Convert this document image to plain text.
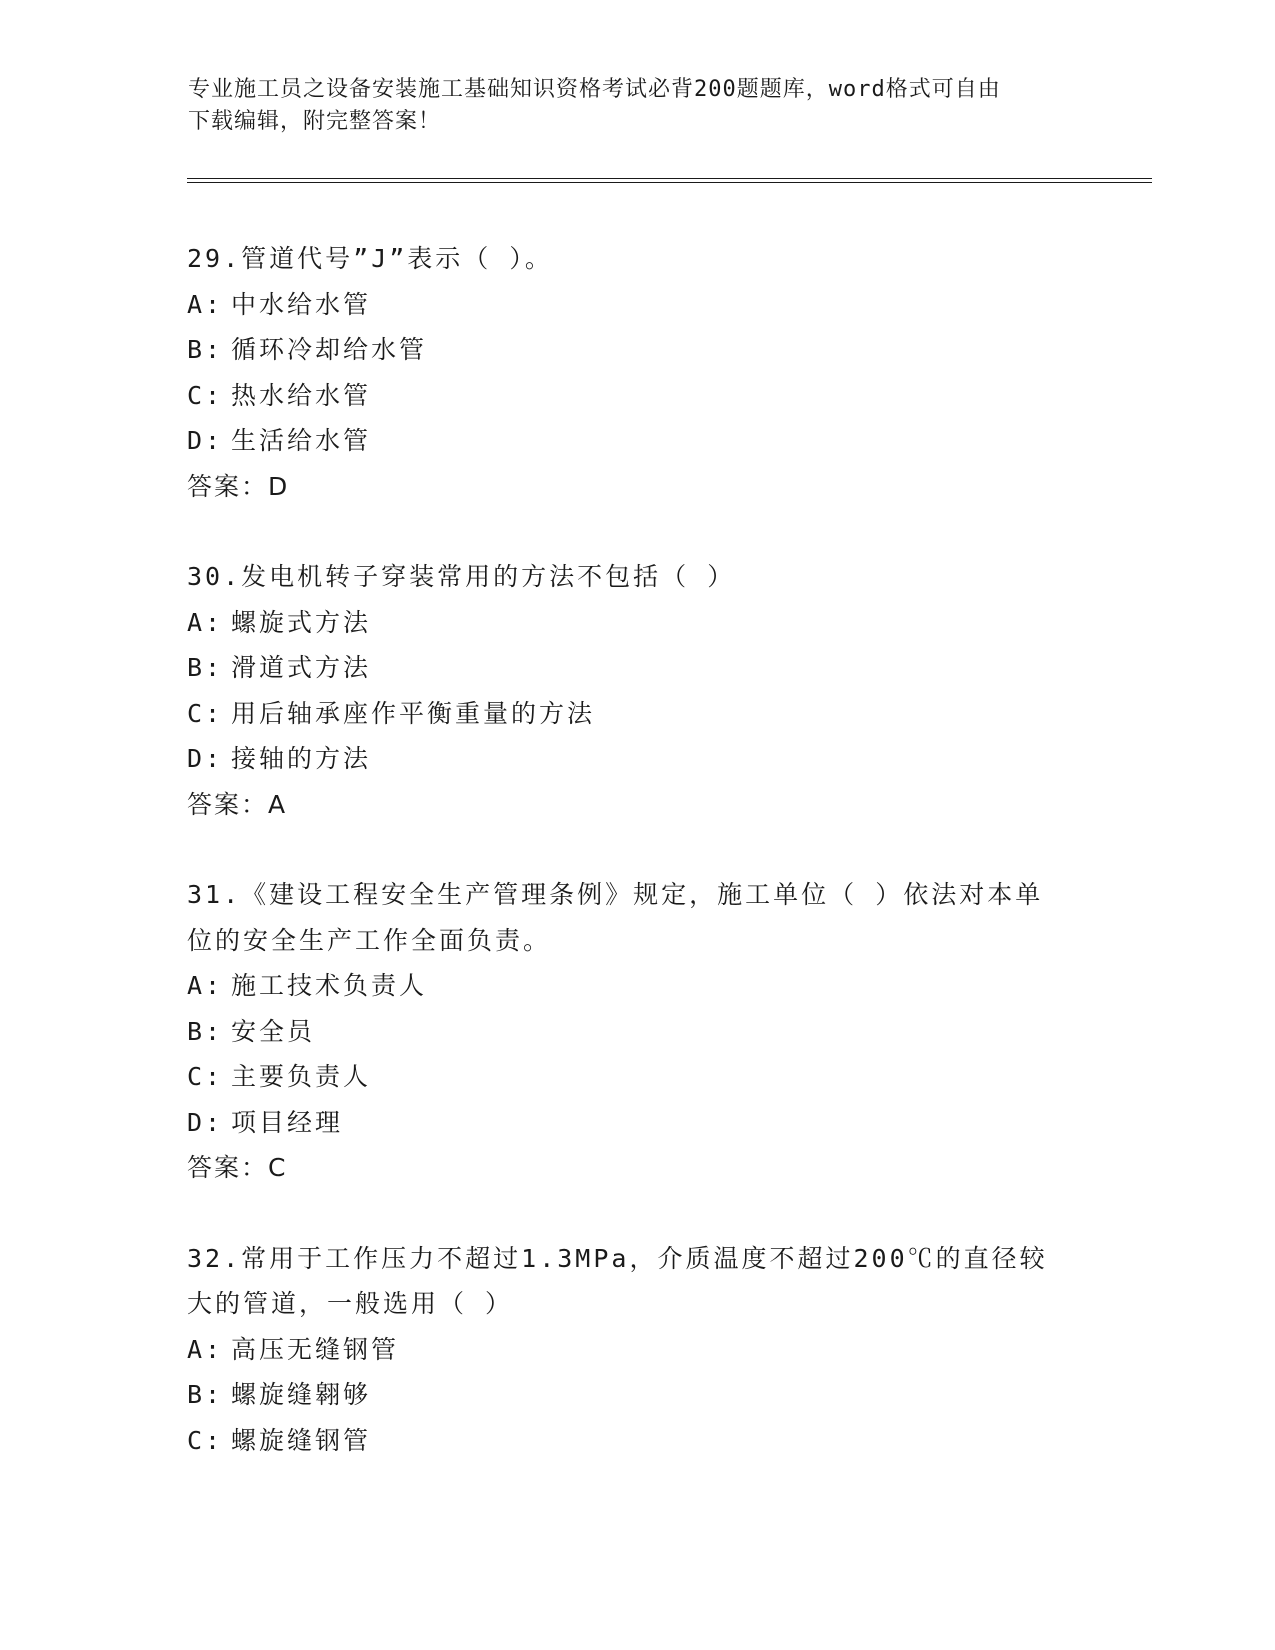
专业施工员之设备安装施工基础知识资格考试必背200题题库，word格式可自由
下载编辑，附完整答案！
29.管道代号”J”表示（ ）。
A: 中水给水管
B: 循环冷却给水管
C: 热水给水管
D: 生活给水管
答案：D
30.发电机转子穿装常用的方法不包括（ ）
A: 螺旋式方法
B: 滑道式方法
C: 用后轴承座作平衡重量的方法
D: 接轴的方法
答案：A
31.《建设工程安全生产管理条例》规定，施工单位（ ）依法对本单位的安全生产工作全面负责。
A: 施工技术负责人
B: 安全员
C: 主要负责人
D: 项目经理
答案：C
32.常用于工作压力不超过1.3MPa，介质温度不超过200℃的直径较大的管道，一般选用（ ）
A: 高压无缝钢管
B: 螺旋缝翱够
C: 螺旋缝钢管
